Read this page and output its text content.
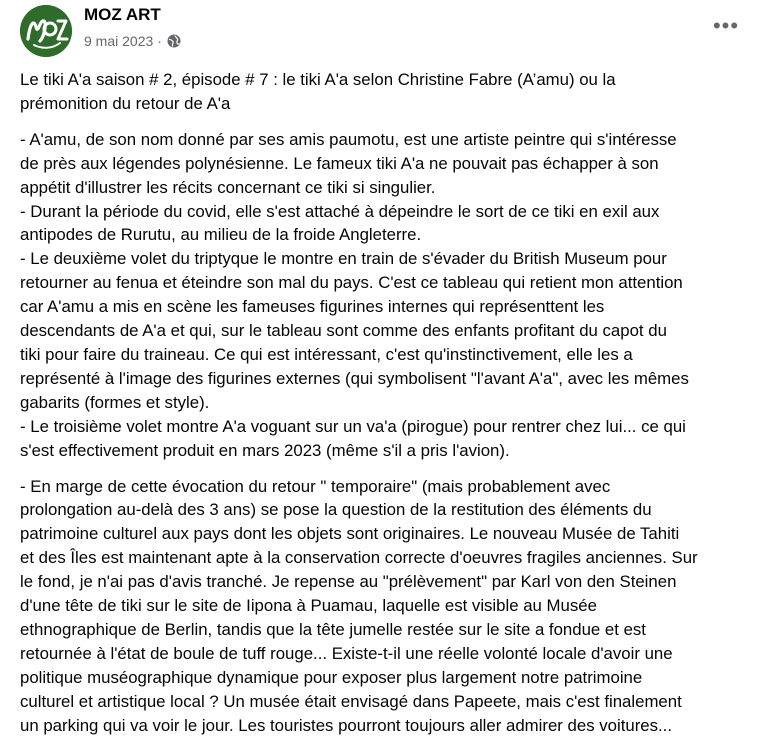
MOZ ART
9 mai 2023 ·
•••

Le tiki A'a saison # 2, épisode # 7 : le tiki A'a selon Christine Fabre (A’amu) ou la
prémonition du retour de A'a

- A'amu, de son nom donné par ses amis paumotu, est une artiste peintre qui s'intéresse
de près aux légendes polynésienne. Le fameux tiki A'a ne pouvait pas échapper à son
appétit d'illustrer les récits concernant ce tiki si singulier.
- Durant la période du covid, elle s'est attaché à dépeindre le sort de ce tiki en exil aux
antipodes de Rurutu, au milieu de la froide Angleterre.
- Le deuxième volet du triptyque le montre en train de s'évader du British Museum pour
retourner au fenua et éteindre son mal du pays. C'est ce tableau qui retient mon attention
car A'amu a mis en scène les fameuses figurines internes qui représenttent les
descendants de A'a et qui, sur le tableau sont comme des enfants profitant du capot du
tiki pour faire du traineau. Ce qui est intéressant, c'est qu'instinctivement, elle les a
représenté à l'image des figurines externes (qui symbolisent "l'avant A'a", avec les mêmes
gabarits (formes et style).
- Le troisième volet montre A'a voguant sur un va'a (pirogue) pour rentrer chez lui... ce qui
s'est effectivement produit en mars 2023 (même s'il a pris l'avion).

- En marge de cette évocation du retour " temporaire" (mais probablement avec
prolongation au-delà des 3 ans) se pose la question de la restitution des éléments du
patrimoine culturel aux pays dont les objets sont originaires. Le nouveau Musée de Tahiti
et des Îles est maintenant apte à la conservation correcte d'oeuvres fragiles anciennes. Sur
le fond, je n'ai pas d'avis tranché. Je repense au "prélèvement" par Karl von den Steinen
d'une tête de tiki sur le site de Iipona à Puamau, laquelle est visible au Musée
ethnographique de Berlin, tandis que la tête jumelle restée sur le site a fondue et est
retournée à l'état de boule de tuff rouge... Existe-t-il une réelle volonté locale d'avoir une
politique muséographique dynamique pour exposer plus largement notre patrimoine
culturel et artistique local ? Un musée était envisagé dans Papeete, mais c'est finalement
un parking qui va voir le jour. Les touristes pourront toujours aller admirer des voitures...
